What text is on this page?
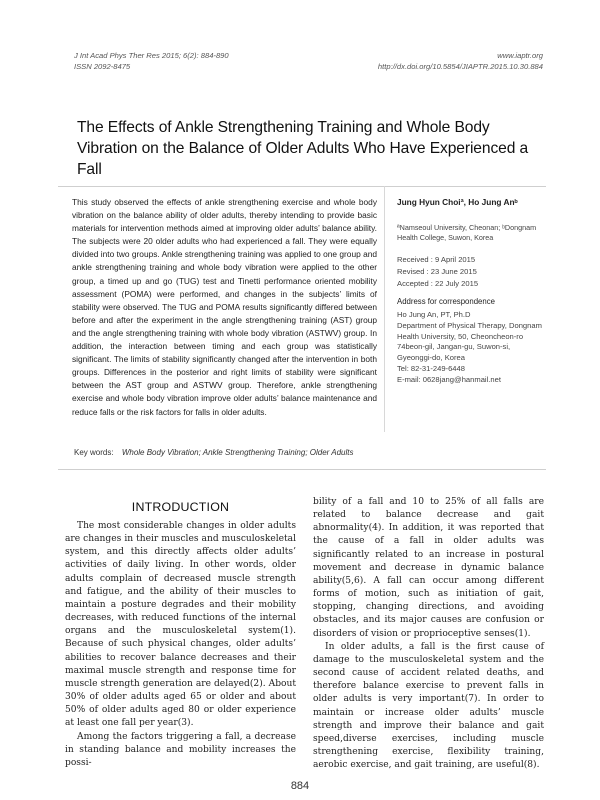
J Int Acad Phys Ther Res 2015; 6(2): 884-890
ISSN 2092-8475
www.iaptr.org
http://dx.doi.org/10.5854/JIAPTR.2015.10.30.884
The Effects of Ankle Strengthening Training and Whole Body Vibration on the Balance of Older Adults Who Have Experienced a Fall
This study observed the effects of ankle strengthening exercise and whole body vibration on the balance ability of older adults, thereby intending to provide basic materials for intervention methods aimed at improving older adults’ balance ability. The subjects were 20 older adults who had experienced a fall. They were equally divided into two groups. Ankle strengthening training was applied to one group and ankle strengthening training and whole body vibration were applied to the other group, a timed up and go (TUG) test and Tinetti performance oriented mobility assessment (POMA) were performed, and changes in the subjects’ limits of stability were observed. The TUG and POMA results significantly differed between before and after the experiment in the angle strengthening training (AST) group and the angle strengthening training with whole body vibration (ASTWV) group. In addition, the interaction between timing and each group was statistically significant. The limits of stability significantly changed after the intervention in both groups. Differences in the posterior and right limits of stability were significant between the AST group and ASTWV group. Therefore, ankle strengthening exercise and whole body vibration improve older adults’ balance maintenance and reduce falls or the risk factors for falls in older adults.
Jung Hyun Choiª, Ho Jung Anᵇ
ªNamseoul University, Cheonan; ᵇDongnam Health College, Suwon, Korea
Received : 9 April 2015
Revised : 23 June 2015
Accepted : 22 July 2015
Address for correspondence
Ho Jung An, PT, Ph.D
Department of Physical Therapy, Dongnam Health University, 50, Cheoncheon-ro 74beon-gil, Jangan-gu, Suwon-si, Gyeonggi-do, Korea
Tel: 82-31-249-6448
E-mail: 0628jang@hanmail.net
Key words: Whole Body Vibration; Ankle Strengthening Training; Older Adults
INTRODUCTION

The most considerable changes in older adults are changes in their muscles and musculoskeletal system, and this directly affects older adults’ activities of daily living. In other words, older adults complain of decreased muscle strength and fatigue, and the ability of their muscles to maintain a posture degrades and their mobility decreases, with reduced functions of the internal organs and the musculoskeletal system(1). Because of such physical changes, older adults’ abilities to recover balance decreases and their maximal muscle strength and response time for muscle strength generation are delayed(2). About 30% of older adults aged 65 or older and about 50% of older adults aged 80 or older experience at least one fall per year(3).

Among the factors triggering a fall, a decrease in standing balance and mobility increases the possi-

bility of a fall and 10 to 25% of all falls are related to balance decrease and gait abnormality(4). In addition, it was reported that the cause of a fall in older adults was significantly related to an increase in postural movement and decrease in dynamic balance ability(5,6). A fall can occur among different forms of motion, such as initiation of gait, stopping, changing directions, and avoiding obstacles, and its major causes are confusion or disorders of vision or proprioceptive senses(1).

In older adults, a fall is the first cause of damage to the musculoskeletal system and the second cause of accident related deaths, and therefore balance exercise to prevent falls in older adults is very important(7). In order to maintain or increase older adults’ muscle strength and improve their balance and gait speed,diverse exercises, including muscle strengthening exercise, flexibility training, aerobic exercise, and gait training, are useful(8).

884
